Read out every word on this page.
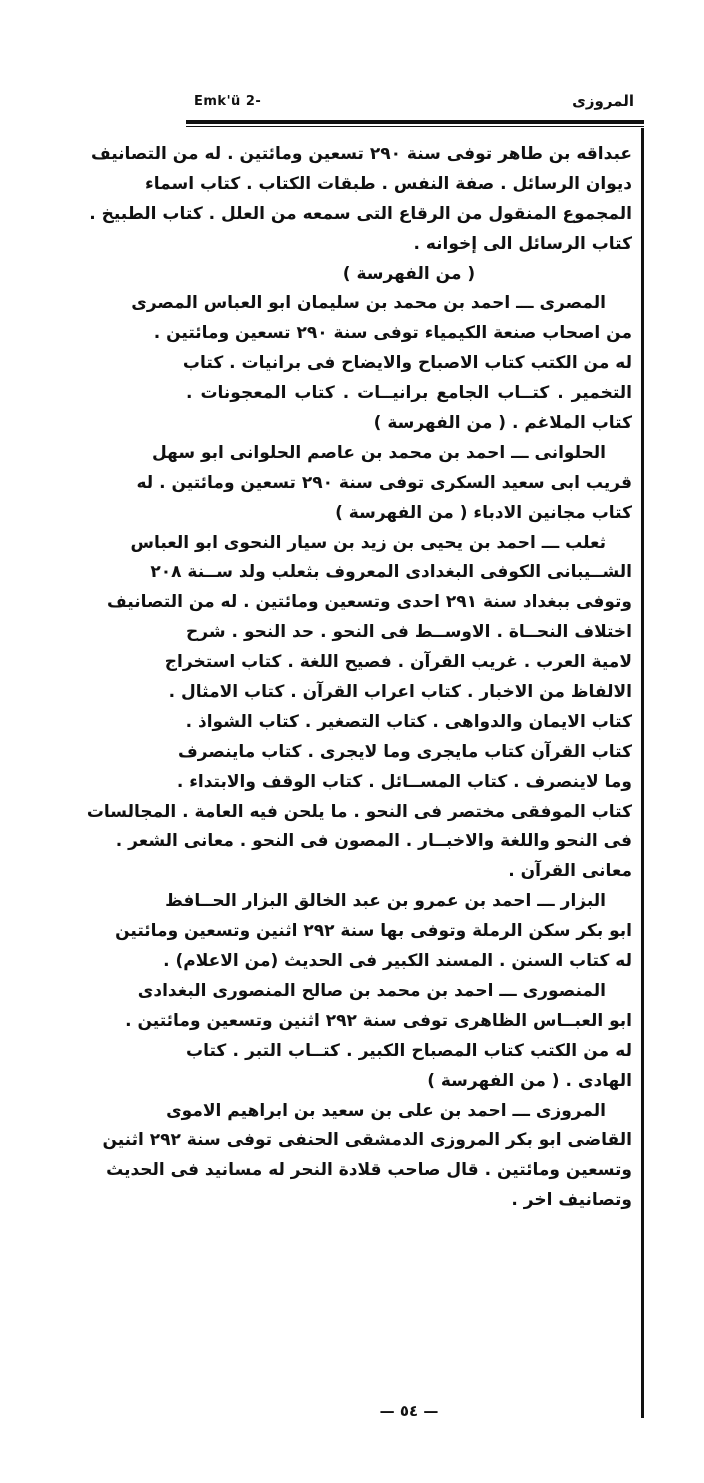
المروزى
Emk'ü 2-
عبداقه بن طاهر توفى سنة ٢٩٠ تسعين ومائتين . له من التصانيف
ديوان الرسائل . صفة النفس . طبقات الكتاب . كتاب اسماء
المجموع المنقول من الرقاع التى سمعه من العلل . كتاب الطبيخ .
كتاب الرسائل الى إخوانه .
( من الفهرسة )
المصرى ـــ احمد بن محمد بن سليمان ابو العباس المصرى
من اصحاب صنعة الكيمياء توفى سنة ٢٩٠ تسعين ومائتين .
له من الكتب كتاب الاصباح والايضاح فى برانيات . كتاب
التخمير . كتــاب الجامع برانيــات . كتاب المعجونات .
كتاب الملاغم . ( من الفهرسة )
الحلوانى ـــ احمد بن محمد بن عاصم الحلوانى ابو سهل
قريب ابى سعيد السكرى توفى سنة ٢٩٠ تسعين ومائتين . له
كتاب مجانين الادباء ( من الفهرسة )
ثعلب ـــ احمد بن يحيى بن زيد بن سيار النحوى ابو العباس
الشــيبانى الكوفى البغدادى المعروف بثعلب ولد ســنة ٢٠٨
وتوفى ببغداد سنة ٢٩١ احدى وتسعين ومائتين . له من التصانيف
اختلاف النحــاة . الاوســط فى النحو . حد النحو . شرح
لامية العرب . غريب القرآن . فصيح اللغة . كتاب استخراج
الالفاظ من الاخبار . كتاب اعراب القرآن . كتاب الامثال .
كتاب الايمان والدواهى . كتاب التصغير . كتاب الشواذ .
كتاب القرآن كتاب مايجرى وما لايجرى . كتاب ماينصرف
وما لاينصرف . كتاب المســائل . كتاب الوقف والابتداء .
كتاب الموفقى مختصر فى النحو . ما يلحن فيه العامة . المجالسات
فى النحو واللغة والاخبــار . المصون فى النحو . معانى الشعر .
معانى القرآن .
البزار ـــ احمد بن عمرو بن عبد الخالق البزار الحــافظ
ابو بكر سكن الرملة وتوفى بها سنة ٢٩٢ اثنين وتسعين ومائتين
له كتاب السنن . المسند الكبير فى الحديث (من الاعلام) .
المنصورى ـــ احمد بن محمد بن صالح المنصورى البغدادى
ابو العبــاس الظاهرى توفى سنة ٢٩٢ اثنين وتسعين ومائتين .
له من الكتب كتاب المصباح الكبير . كتــاب التبر . كتاب
الهادى . ( من الفهرسة )
المروزى ـــ احمد بن على بن سعيد بن ابراهيم الاموى
القاضى ابو بكر المروزى الدمشقى الحنفى توفى سنة ٢٩٢ اثنين
وتسعين ومائتين . قال صاحب قلادة النحر له مسانيد فى الحديث
وتصانيف اخر .
— ٥٤ —
